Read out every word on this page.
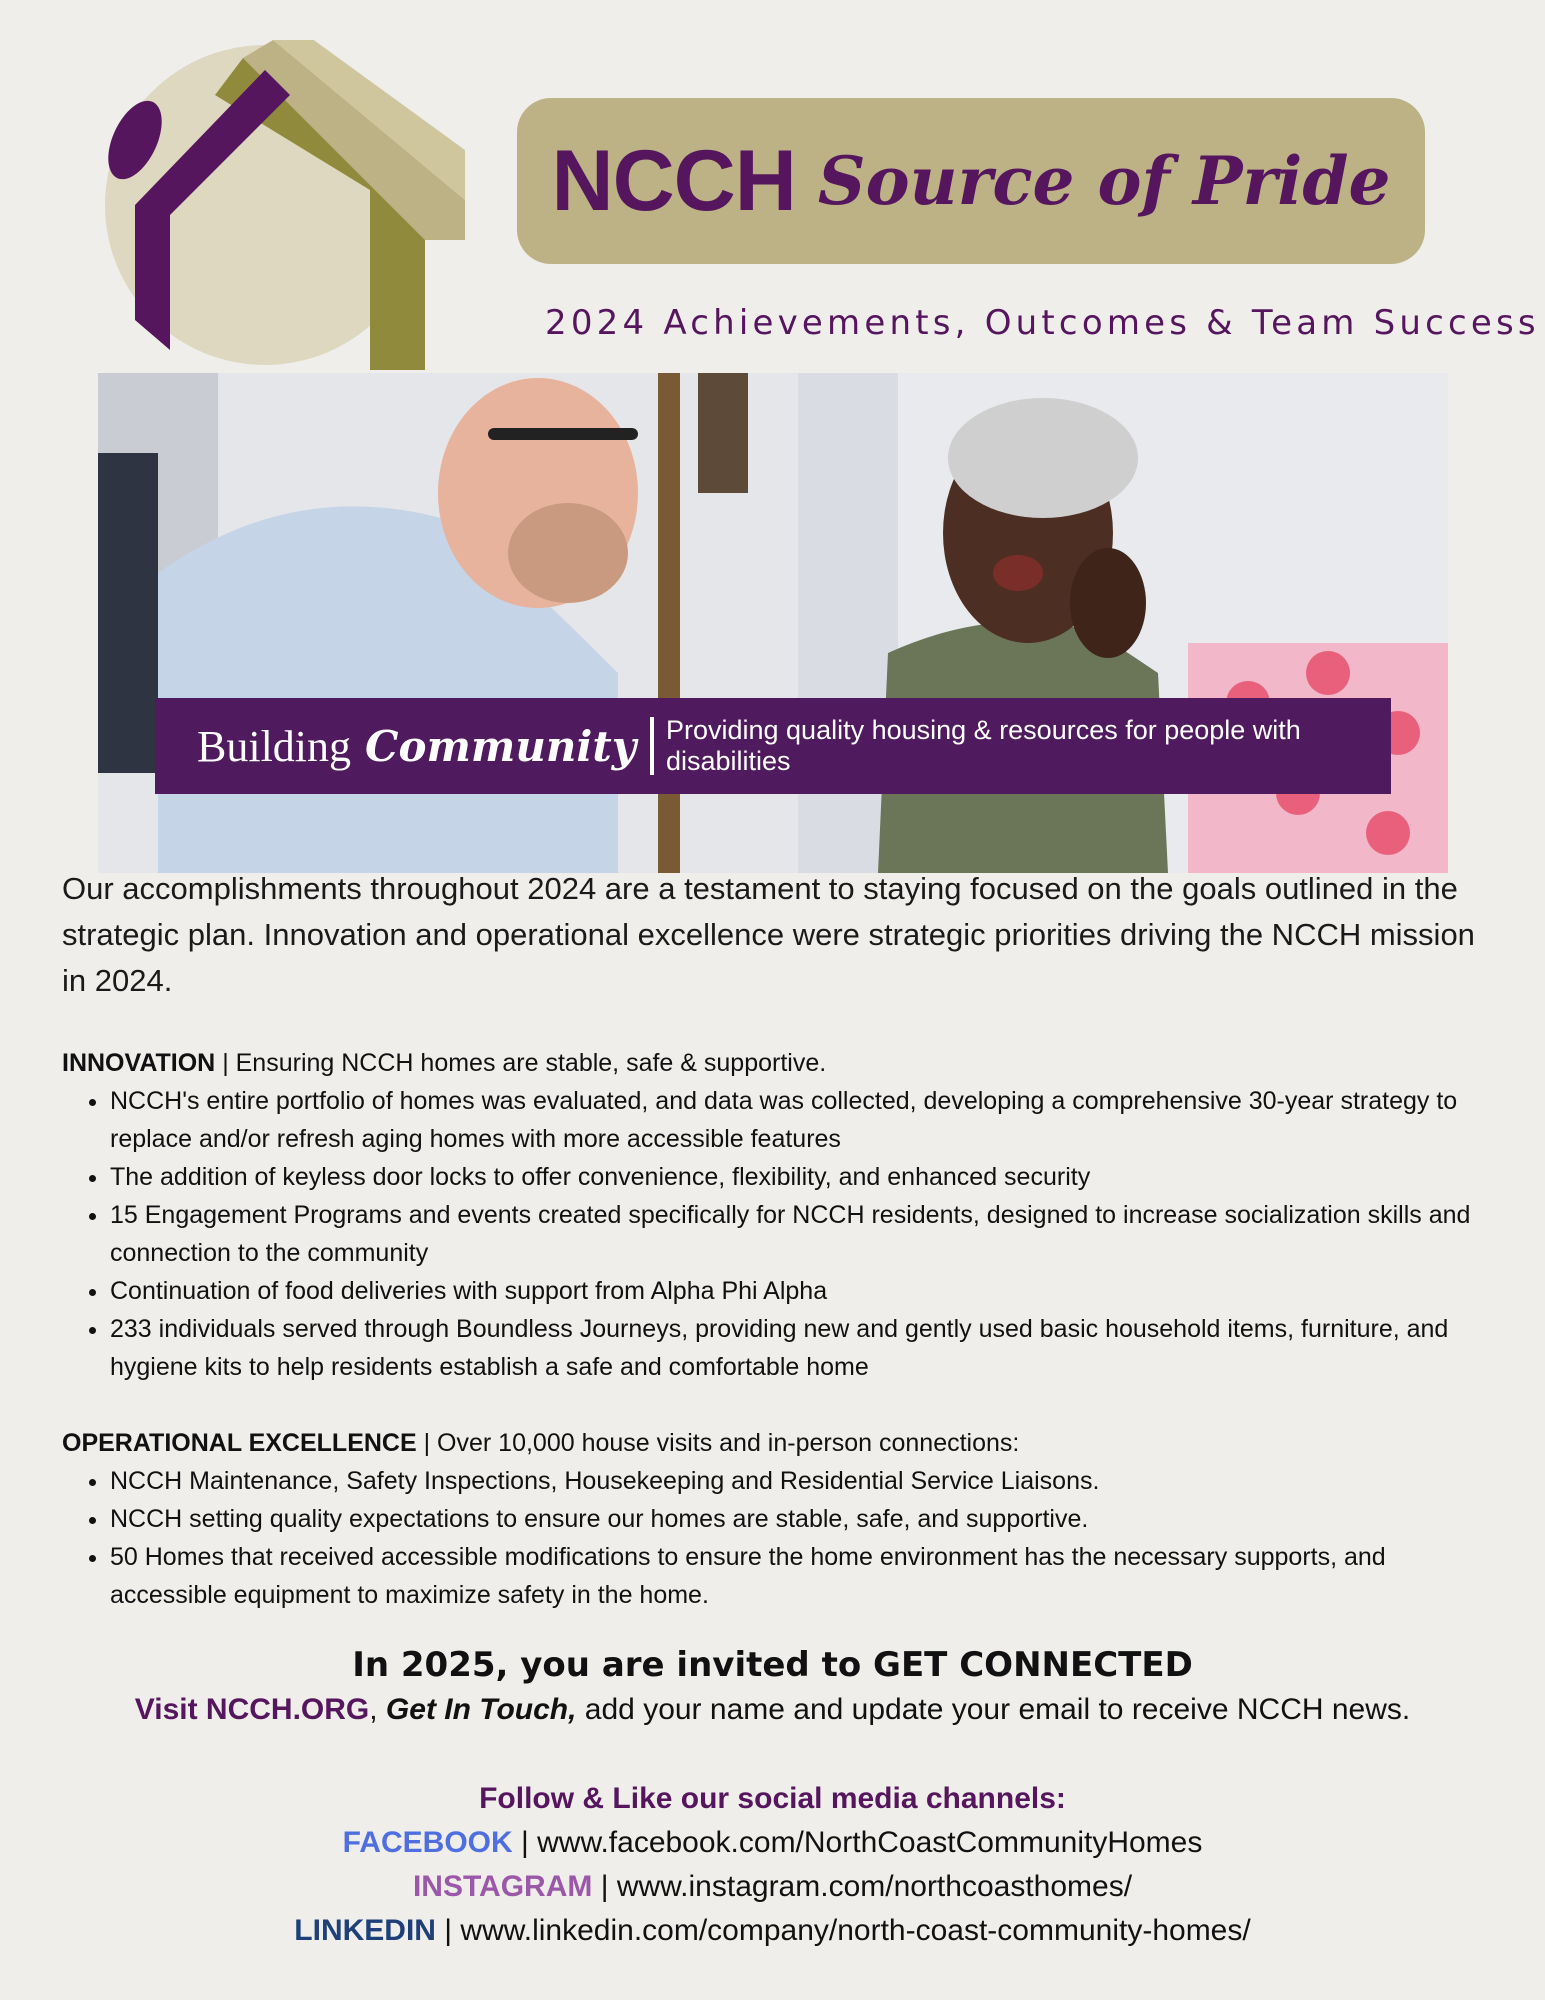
NCCH Source of Pride
2024 Achievements, Outcomes & Team Success
Building Community Providing quality housing & resources for people with disabilities
Our accomplishments throughout 2024 are a testament to staying focused on the goals outlined in the strategic plan. Innovation and operational excellence were strategic priorities driving the NCCH mission in 2024.
INNOVATION | Ensuring NCCH homes are stable, safe & supportive.
• NCCH's entire portfolio of homes was evaluated, and data was collected, developing a comprehensive 30-year strategy to replace and/or refresh aging homes with more accessible features
• The addition of keyless door locks to offer convenience, flexibility, and enhanced security
• 15 Engagement Programs and events created specifically for NCCH residents, designed to increase socialization skills and connection to the community
• Continuation of food deliveries with support from Alpha Phi Alpha
• 233 individuals served through Boundless Journeys, providing new and gently used basic household items, furniture, and hygiene kits to help residents establish a safe and comfortable home
OPERATIONAL EXCELLENCE | Over 10,000 house visits and in-person connections:
• NCCH Maintenance, Safety Inspections, Housekeeping and Residential Service Liaisons.
• NCCH setting quality expectations to ensure our homes are stable, safe, and supportive.
• 50 Homes that received accessible modifications to ensure the home environment has the necessary supports, and accessible equipment to maximize safety in the home.
In 2025, you are invited to GET CONNECTED
Visit NCCH.ORG, Get In Touch, add your name and update your email to receive NCCH news.
Follow & Like our social media channels:
FACEBOOK | www.facebook.com/NorthCoastCommunityHomes
INSTAGRAM | www.instagram.com/northcoasthomes/
LINKEDIN | www.linkedin.com/company/north-coast-community-homes/
